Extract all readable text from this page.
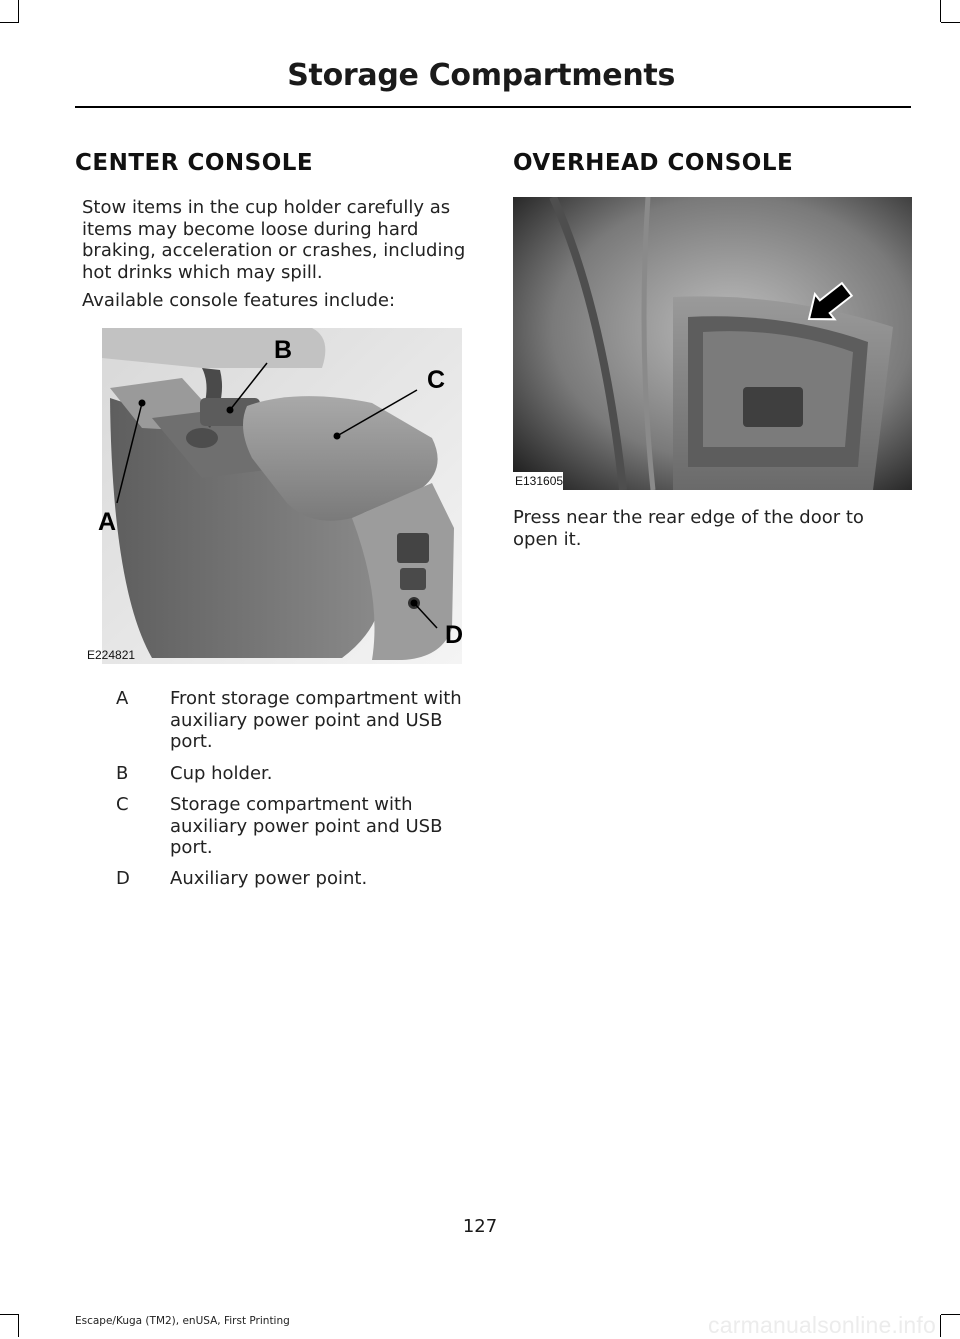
Storage Compartments
CENTER CONSOLE
Stow items in the cup holder carefully as items may become loose during hard braking, acceleration or crashes, including hot drinks which may spill.
Available console features include:
A
B
C
D
E224821
A	Front storage compartment with auxiliary power point and USB port.
B	Cup holder.
C	Storage compartment with auxiliary power point and USB port.
D	Auxiliary power point.
OVERHEAD CONSOLE
E131605
Press near the rear edge of the door to open it.
127
Escape/Kuga (TM2), enUSA, First Printing	carmanualsonline.info
